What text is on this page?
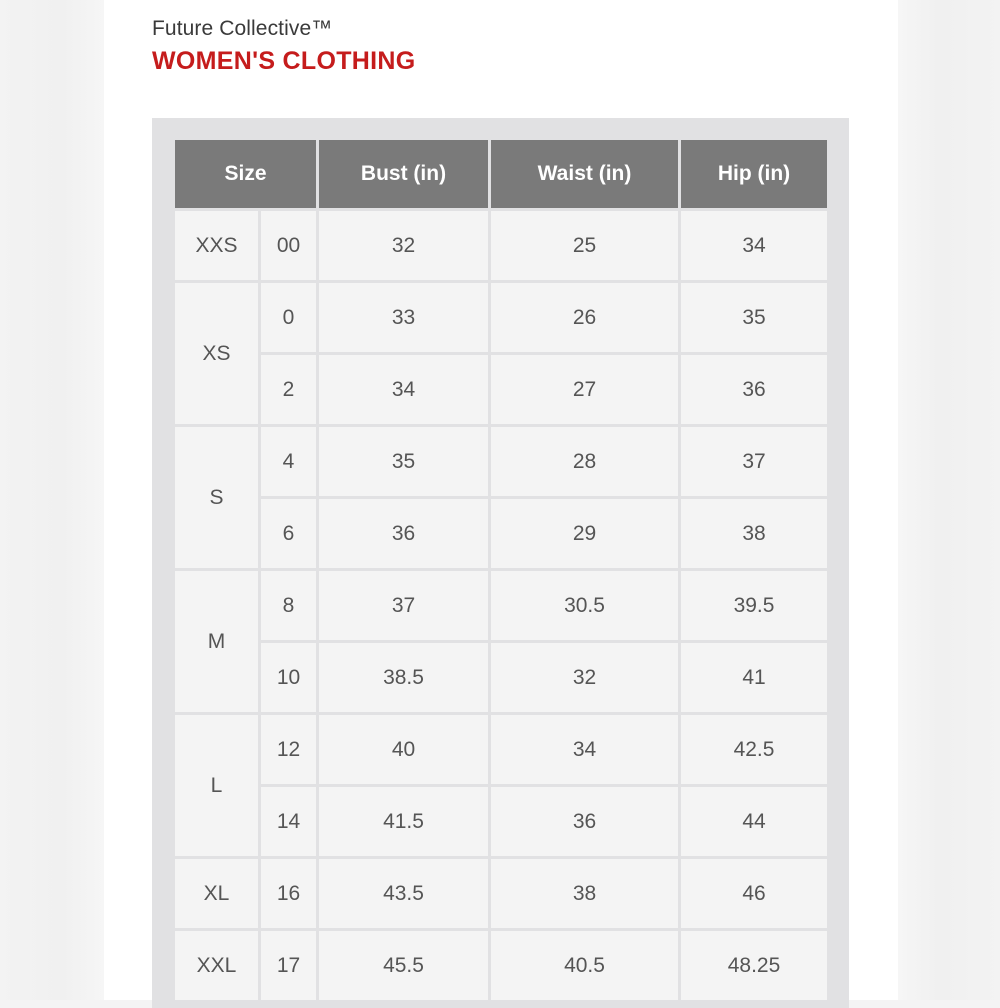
Future Collective™
WOMEN'S CLOTHING
Size		Bust (in)	Waist (in)	Hip (in)
XXS	00	32	25	34
XS	0	33	26	35
	2	34	27	36
S	4	35	28	37
	6	36	29	38
M	8	37	30.5	39.5
	10	38.5	32	41
L	12	40	34	42.5
	14	41.5	36	44
XL	16	43.5	38	46
XXL	17	45.5	40.5	48.25
